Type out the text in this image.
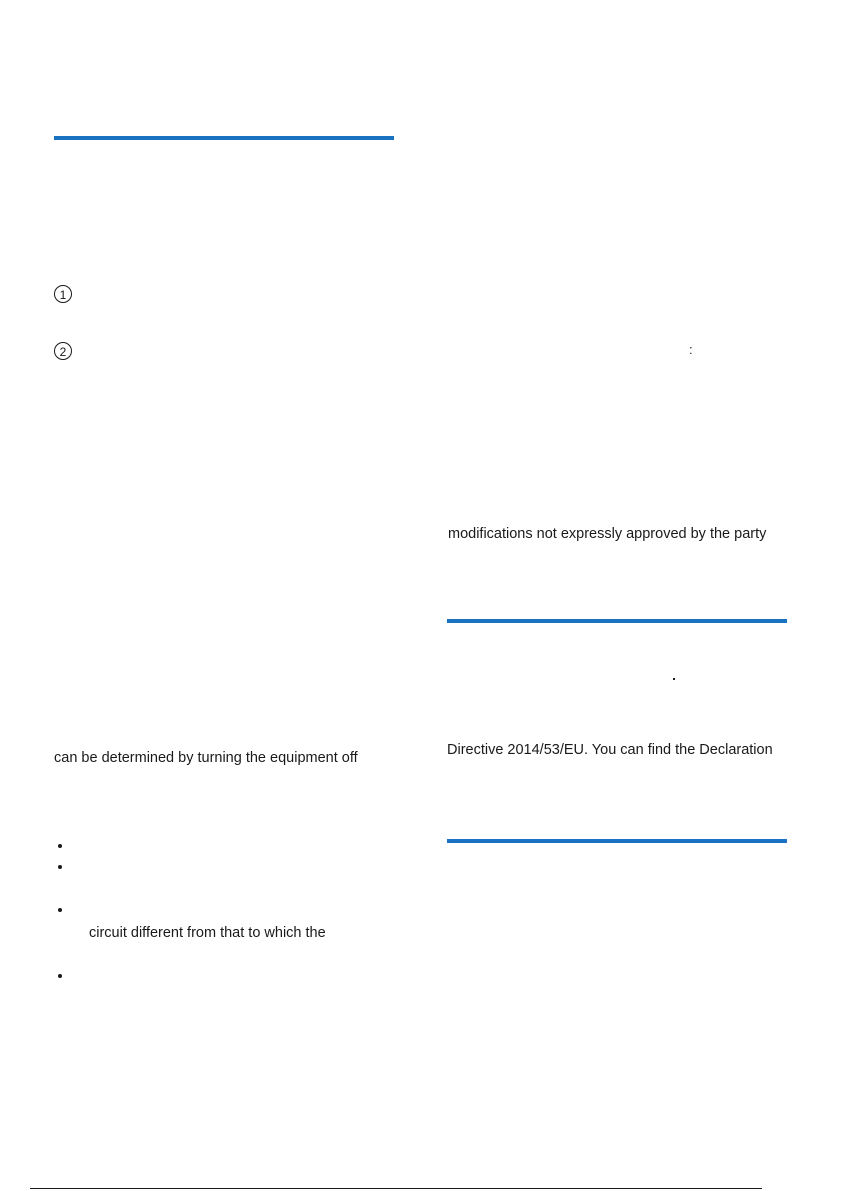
1
2
can be determined by turning the equipment off
circuit different from that to which the
:
modifications not expressly approved by the party
Directive 2014/53/EU. You can find the Declaration
